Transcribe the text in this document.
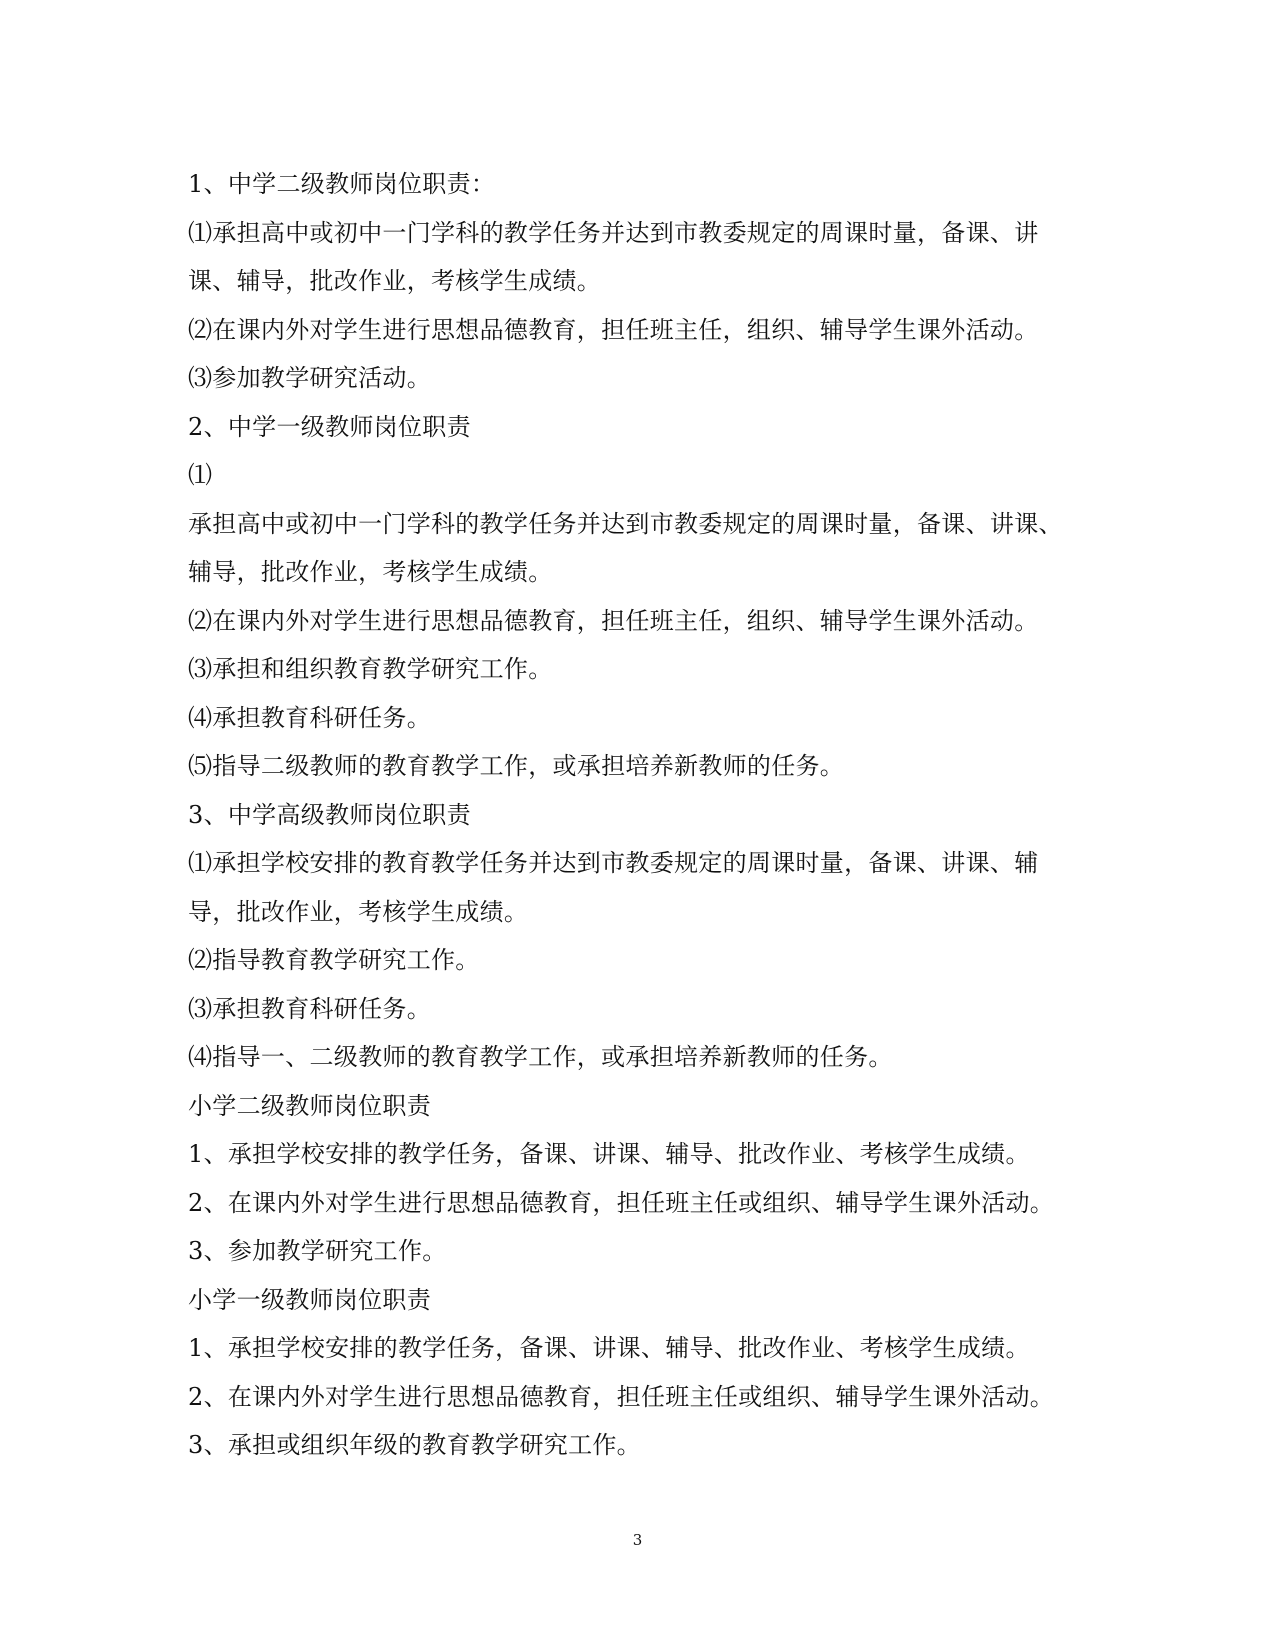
1、中学二级教师岗位职责：
⑴承担高中或初中一门学科的教学任务并达到市教委规定的周课时量，备课、讲
课、辅导，批改作业，考核学生成绩。
⑵在课内外对学生进行思想品德教育，担任班主任，组织、辅导学生课外活动。
⑶参加教学研究活动。
2、中学一级教师岗位职责
⑴
承担高中或初中一门学科的教学任务并达到市教委规定的周课时量，备课、讲课、
辅导，批改作业，考核学生成绩。
⑵在课内外对学生进行思想品德教育，担任班主任，组织、辅导学生课外活动。
⑶承担和组织教育教学研究工作。
⑷承担教育科研任务。
⑸指导二级教师的教育教学工作，或承担培养新教师的任务。
3、中学高级教师岗位职责
⑴承担学校安排的教育教学任务并达到市教委规定的周课时量，备课、讲课、辅
导，批改作业，考核学生成绩。
⑵指导教育教学研究工作。
⑶承担教育科研任务。
⑷指导一、二级教师的教育教学工作，或承担培养新教师的任务。
小学二级教师岗位职责
1、承担学校安排的教学任务，备课、讲课、辅导、批改作业、考核学生成绩。
2、在课内外对学生进行思想品德教育，担任班主任或组织、辅导学生课外活动。
3、参加教学研究工作。
小学一级教师岗位职责
1、承担学校安排的教学任务，备课、讲课、辅导、批改作业、考核学生成绩。
2、在课内外对学生进行思想品德教育，担任班主任或组织、辅导学生课外活动。
3、承担或组织年级的教育教学研究工作。
3
